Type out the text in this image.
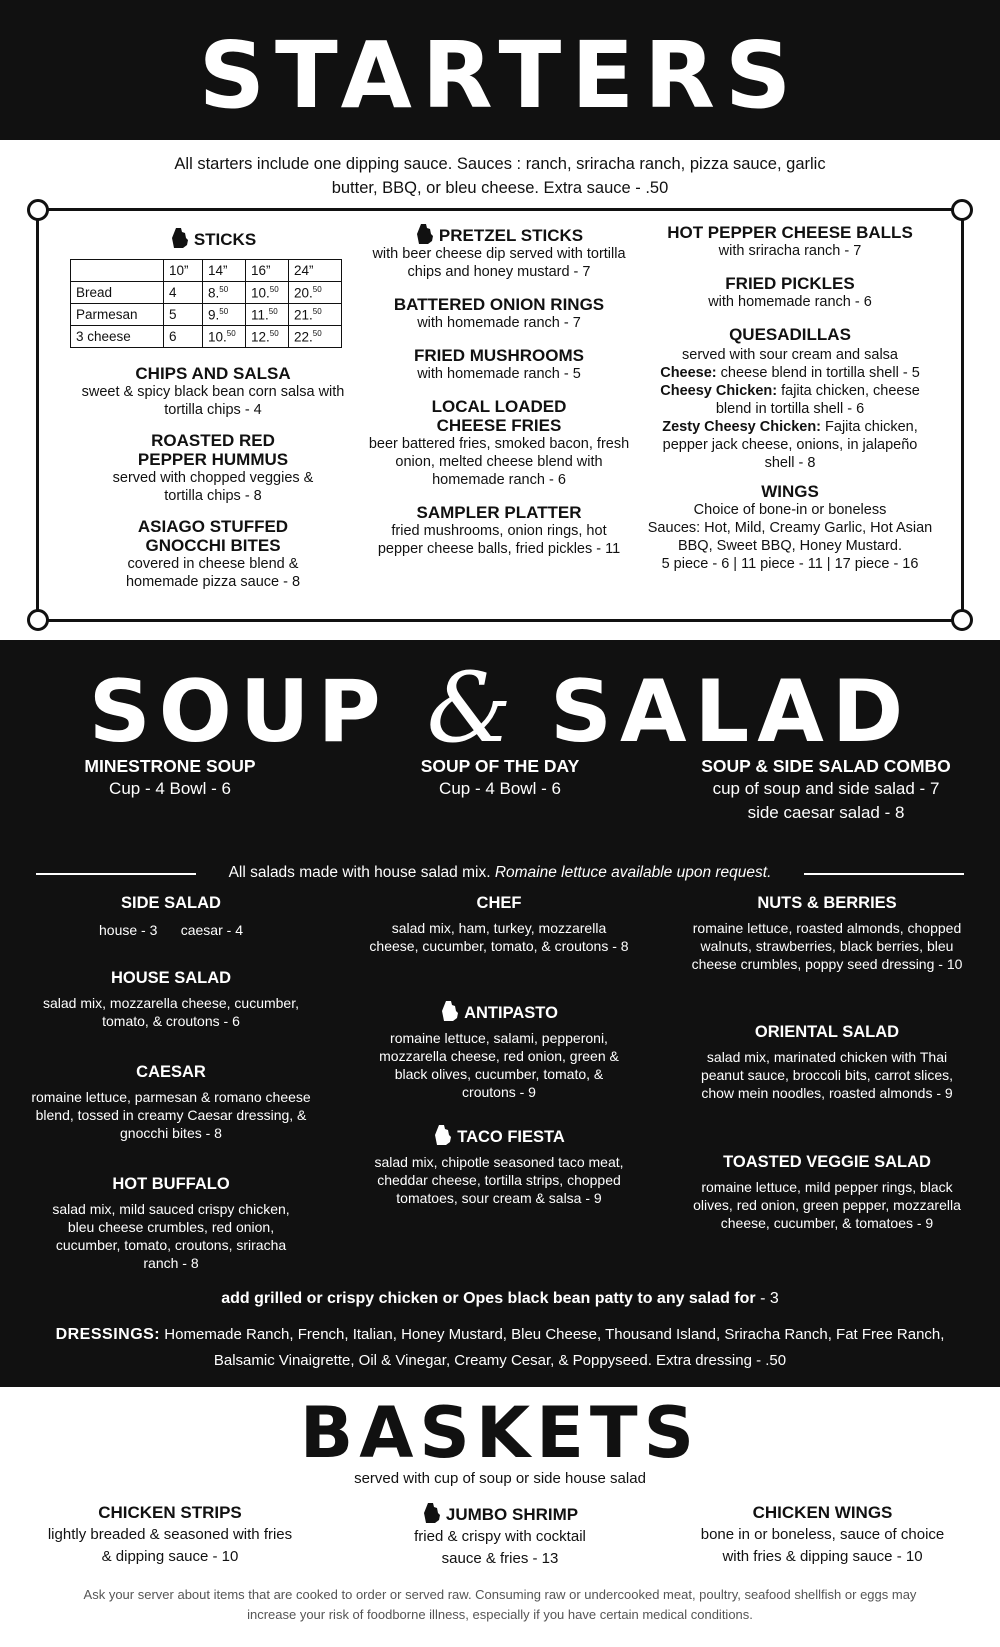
STARTERS
All starters include one dipping sauce. Sauces : ranch, sriracha ranch, pizza sauce, garlic butter, BBQ, or bleu cheese. Extra sauce - .50
STICKS
	10”	14”	16”	24”
Bread	4	8.50	10.50	20.50
Parmesan	5	9.50	11.50	21.50
3 cheese	6	10.50	12.50	22.50
CHIPS AND SALSA
sweet & spicy black bean corn salsa with tortilla chips - 4
ROASTED RED PEPPER HUMMUS
served with chopped veggies & tortilla chips - 8
ASIAGO STUFFED GNOCCHI BITES
covered in cheese blend & homemade pizza sauce - 8
PRETZEL STICKS
with beer cheese dip served with tortilla chips and honey mustard - 7
BATTERED ONION RINGS
with homemade ranch - 7
FRIED MUSHROOMS
with homemade ranch - 5
LOCAL LOADED CHEESE FRIES
beer battered fries, smoked bacon, fresh onion, melted cheese blend with homemade ranch - 6
SAMPLER PLATTER
fried mushrooms, onion rings, hot pepper cheese balls, fried pickles - 11
HOT PEPPER CHEESE BALLS
with sriracha ranch - 7
FRIED PICKLES
with homemade ranch - 6
QUESADILLAS
served with sour cream and salsa
Cheese: cheese blend in tortilla shell - 5
Cheesy Chicken: fajita chicken, cheese blend in tortilla shell - 6
Zesty Cheesy Chicken: Fajita chicken, pepper jack cheese, onions, in jalapeño shell - 8
WINGS
Choice of bone-in or boneless
Sauces: Hot, Mild, Creamy Garlic, Hot Asian BBQ, Sweet BBQ, Honey Mustard.
5 piece - 6 | 11 piece - 11 | 17 piece - 16
SOUP & SALAD
MINESTRONE SOUP
Cup - 4 Bowl - 6
SOUP OF THE DAY
Cup - 4 Bowl - 6
SOUP & SIDE SALAD COMBO
cup of soup and side salad - 7
side caesar salad - 8
All salads made with house salad mix. Romaine lettuce available upon request.
SIDE SALAD
house - 3 caesar - 4
HOUSE SALAD
salad mix, mozzarella cheese, cucumber, tomato, & croutons - 6
CAESAR
romaine lettuce, parmesan & romano cheese blend, tossed in creamy Caesar dressing, & gnocchi bites - 8
HOT BUFFALO
salad mix, mild sauced crispy chicken, bleu cheese crumbles, red onion, cucumber, tomato, croutons, sriracha ranch - 8
CHEF
salad mix, ham, turkey, mozzarella cheese, cucumber, tomato, & croutons - 8
ANTIPASTO
romaine lettuce, salami, pepperoni, mozzarella cheese, red onion, green & black olives, cucumber, tomato, & croutons - 9
TACO FIESTA
salad mix, chipotle seasoned taco meat, cheddar cheese, tortilla strips, chopped tomatoes, sour cream & salsa - 9
NUTS & BERRIES
romaine lettuce, roasted almonds, chopped walnuts, strawberries, black berries, bleu cheese crumbles, poppy seed dressing - 10
ORIENTAL SALAD
salad mix, marinated chicken with Thai peanut sauce, broccoli bits, carrot slices, chow mein noodles, roasted almonds - 9
TOASTED VEGGIE SALAD
romaine lettuce, mild pepper rings, black olives, red onion, green pepper, mozzarella cheese, cucumber, & tomatoes - 9
add grilled or crispy chicken or Opes black bean patty to any salad for - 3
DRESSINGS: Homemade Ranch, French, Italian, Honey Mustard, Bleu Cheese, Thousand Island, Sriracha Ranch, Fat Free Ranch, Balsamic Vinaigrette, Oil & Vinegar, Creamy Cesar, & Poppyseed. Extra dressing - .50
BASKETS
served with cup of soup or side house salad
CHICKEN STRIPS
lightly breaded & seasoned with fries
& dipping sauce - 10
JUMBO SHRIMP
fried & crispy with cocktail
sauce & fries - 13
CHICKEN WINGS
bone in or boneless, sauce of choice
with fries & dipping sauce - 10
Ask your server about items that are cooked to order or served raw. Consuming raw or undercooked meat, poultry, seafood shellfish or eggs may increase your risk of foodborne illness, especially if you have certain medical conditions.
